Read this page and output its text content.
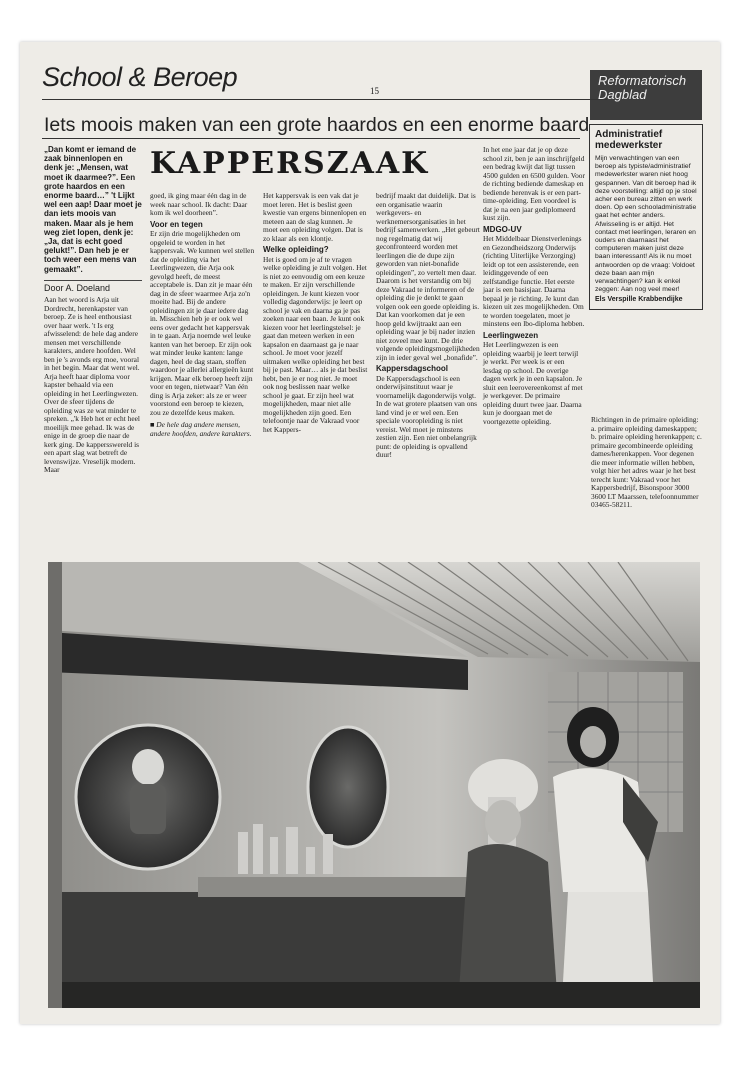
School & Beroep	15
Reformatorisch
Dagblad
Iets moois maken van een grote haardos en een enorme baard

„Dan komt er iemand de zaak binnenlopen en denk je: „Mensen, wat moet ik daarmee?”. Een grote haardos en een enorme baard…” 't Lijkt wel een aap! Daar moet je dan iets moois van maken. Maar als je hem weg ziet lopen, denk je: „Ja, dat is echt goed gelukt!”. Dan heb je er toch weer een mens van gemaakt”.

Door A. Doeland

Aan het woord is Arja uit Dordrecht, herenkapster van beroep. Ze is heel enthousiast over haar werk. 't Is erg afwisselend: de hele dag andere mensen met verschillende karakters, andere hoofden. Wel ben je 's avonds erg moe, vooral in het begin. Maar dat went wel. Arja heeft haar diploma voor kapster behaald via een opleiding in het Leerlingwezen. Over de sfeer tijdens de opleiding was ze wat minder te spreken. „'k Heb het er echt heel moeilijk mee gehad. Ik was de enige in de groep die naar de kerk ging. De kappersswereld is een apart slag wat betreft de levenswijze. Vreselijk modern. Maar

KAPPERSZAAK

goed, ik ging maar één dag in de week naar school. Ik dacht: Daar kom ik wel doorheen”.

Voor en tegen

Er zijn drie mogelijkheden om opgeleid te worden in het kappersvak. We kunnen wel stellen dat de opleiding via het Leerlingwezen, die Arja ook gevolgd heeft, de meest acceptabele is. Dan zit je maar één dag in de sfeer waarmee Arja zo'n moeite had. Bij de andere opleidingen zit je daar iedere dag in. Misschien heb je er ook wel eens over gedacht het kappersvak in te gaan. Arja noemde wel leuke kanten van het beroep. Er zijn ook wat minder leuke kanten: lange dagen, heel de dag staan, stoffen waardoor je allerlei allergieën kunt krijgen. Maar elk beroep heeft zijn voor en tegen, nietwaar? Van één ding is Arja zeker: als ze er weer voorstond een beroep te kiezen, zou ze dezelfde keus maken.

■ De hele dag andere mensen, andere hoofden, andere karakters.

Het kappersvak is een vak dat je moet leren. Het is beslist geen kwestie van ergens binnenlopen en meteen aan de slag kunnen. Je moet een opleiding volgen. Dat is zo klaar als een klontje.

Welke opleiding?

Het is goed om je af te vragen welke opleiding je zult volgen. Het is niet zo eenvoudig om een keuze te maken. Er zijn verschillende opleidingen. Je kunt kiezen voor volledig dagonderwijs: je leert op school je vak en daarna ga je pas zoeken naar een baan. Je kunt ook kiezen voor het leerlingstelsel: je gaat dan meteen werken in een kapsalon en daarnaast ga je naar school. Je moet voor jezelf uitmaken welke opleiding het best bij je past. Maar… als je dat beslist hebt, ben je er nog niet. Je moet ook nog beslissen naar welke school je gaat. Er zijn heel wat mogelijkheden, maar niet alle mogelijkheden zijn goed. Een telefoontje naar de Vakraad voor het Kappers-

bedrijf maakt dat duidelijk. Dat is een organisatie waarin werkgevers- en werknemersorganisaties in het bedrijf samenwerken. „Het gebeurt nog regelmatig dat wij geconfronteerd worden met leerlingen die de dupe zijn geworden van niet-bonafide opleidingen”, zo vertelt men daar. Daarom is het verstandig om bij deze Vakraad te informeren of de opleiding die je denkt te gaan volgen ook een goede opleiding is. Dat kan voorkomen dat je een hoop geld kwijtraakt aan een opleiding waar je bij nader inzien niet zoveel mee kunt. De drie volgende opleidingsmogelijkheden zijn in ieder geval wel „bonafide”.

Kappersdagschool

De Kappersdagschool is een onderwijsinstituut waar je voornamelijk dagonderwijs volgt. In de wat grotere plaatsen van ons land vind je er wel een. Een speciale vooropleiding is niet vereist. Wel moet je minstens zestien zijn. Een niet onbelangrijk punt: de opleiding is opvallend duur!

In het ene jaar dat je op deze school zit, ben je aan inschrijfgeld een bedrag kwijt dat ligt tussen 4500 gulden en 6500 gulden. Voor de richting bediende dameskap en bediende herenvak is er een part-time-opleiding. Een voordeel is dat je na een jaar gediplomeerd kust zijn.

MDGO-UV

Het Middelbaar Dienstverlenings en Gezondheidszorg Onderwijs (richting Uiterlijke Verzorging) leidt op tot een assisterende, een leidinggevende of een zelfstandige functie. Het eerste jaar is een basisjaar. Daarna bepaal je je richting. Je kunt dan kiezen uit zes mogelijkheden. Om te worden toegelaten, moet je minstens een lbo-diploma hebben.

Leerlingwezen

Het Leerlingwezen is een opleiding waarbij je leert terwijl je werkt. Per week is er een lesdag op school. De overige dagen werk je in een kapsalon. Je sluit een leerovereenkomst af met je werkgever. De primaire opleiding duurt twee jaar. Daarna kun je doorgaan met de voortgezette opleiding.

Administratief medewerkster
Mijn verwachtingen van een beroep als typiste/administratief medewerkster waren niet hoog gespannen. Van dit beroep had ik deze voorstelling: altijd op je stoel acher een bureau zitten en werk doen. Op een schooladministratie gaat het echter anders. Afwisseling is er altijd. Het contact met leerlingen, leraren en ouders en daarnaast het computeren maken juist deze baan interessant! Als ik nu moet antwoorden op de vraag: Voldoet deze baan aan mijn verwachtingen? kan ik enkel zeggen: Aan nog veel meer!
Els Verspille Krabbendijke

Richtingen in de primaire opleiding: a. primaire opleiding dameskappen; b. primaire opleiding herenkappen; c. primaire gecombineerde opleiding dames/herenkappen. Voor degenen die meer informatie willen hebben, volgt hier het adres waar je het best terecht kunt: Vakraad voor het Kappersbedrijf, Bisonspoor 3000 3600 LT Maarssen, telefoonnummer 03465-58211.
